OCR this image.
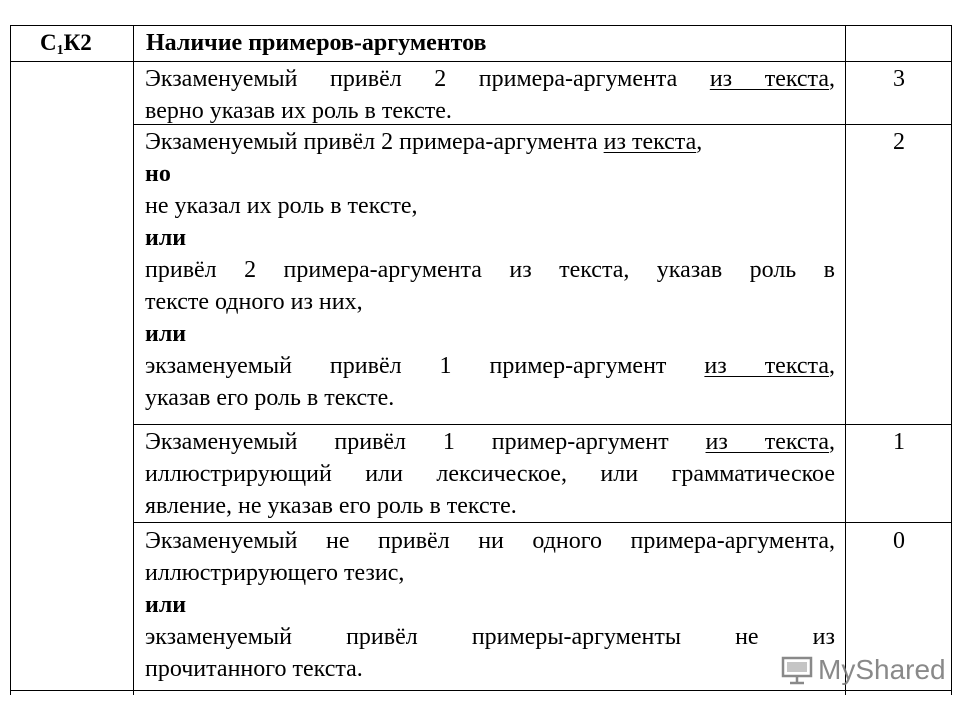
$С_1К2$ Наличие примеров-аргументов
Экзаменуемый привёл 2 примера-аргумента из текста,
верно указав их роль в тексте.
3
Экзаменуемый привёл 2 примера-аргумента из текста,
но
не указал их роль в тексте,
или
привёл 2 примера-аргумента из текста, указав роль в
тексте одного из них,
или
экзаменуемый привёл 1 пример-аргумент из текста,
указав его роль в тексте.
2
Экзаменуемый привёл 1 пример-аргумент из текста,
иллюстрирующий или лексическое, или грамматическое
явление, не указав его роль в тексте.
1
Экзаменуемый не привёл ни одного примера-аргумента,
иллюстрирующего тезис,
или
экзаменуемый привёл примеры-аргументы не из
прочитанного текста.
0
MyShared
